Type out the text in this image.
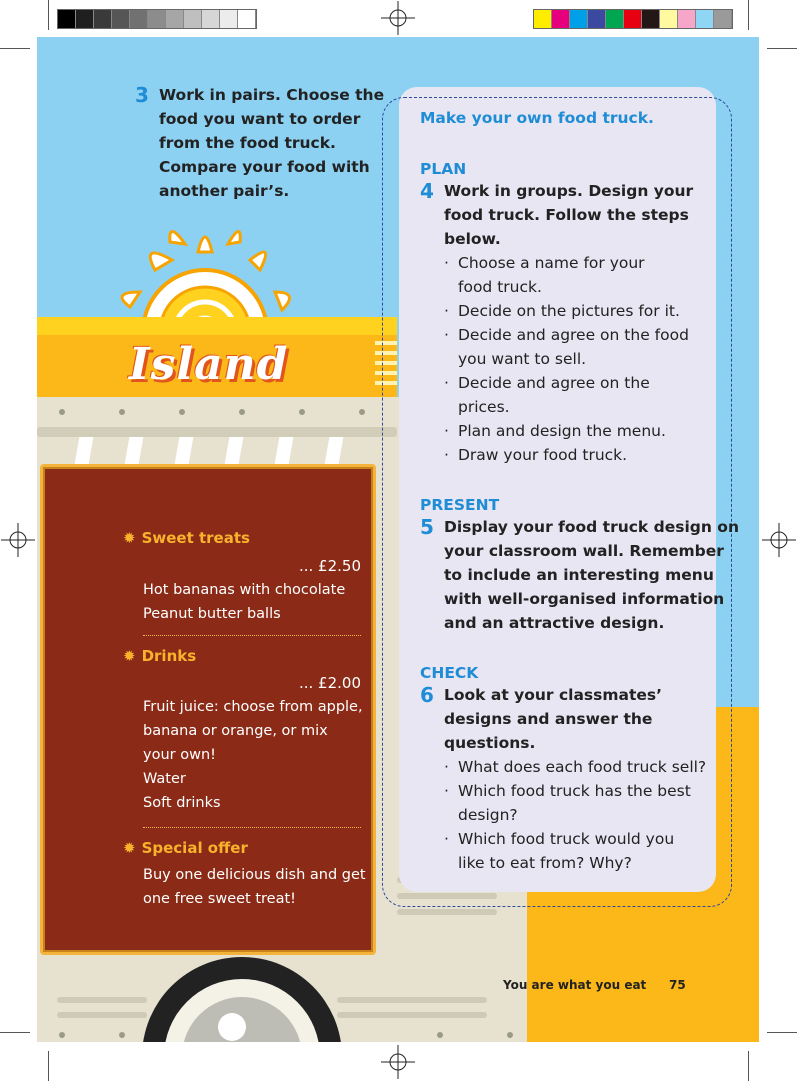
Island
✹ Sweet treats
... £2.50
Hot bananas with chocolate
Peanut butter balls
✹ Drinks
... £2.00
Fruit juice: choose from apple,
banana or orange, or mix
your own!
Water
Soft drinks
✹ Special offer
Buy one delicious dish and get
one free sweet treat!
3 Work in pairs. Choose the
food you want to order
from the food truck.
Compare your food with
another pair’s.
Make your own food truck.
PLAN
4 Work in groups. Design your
food truck. Follow the steps
below.
· Choose a name for your
food truck.
· Decide on the pictures for it.
· Decide and agree on the food
you want to sell.
· Decide and agree on the
prices.
· Plan and design the menu.
· Draw your food truck.
PRESENT
5 Display your food truck design on
your classroom wall. Remember
to include an interesting menu
with well-organised information
and an attractive design.
CHECK
6 Look at your classmates’
designs and answer the
questions.
· What does each food truck sell?
· Which food truck has the best
design?
· Which food truck would you
like to eat from? Why?
You are what you eat 75
